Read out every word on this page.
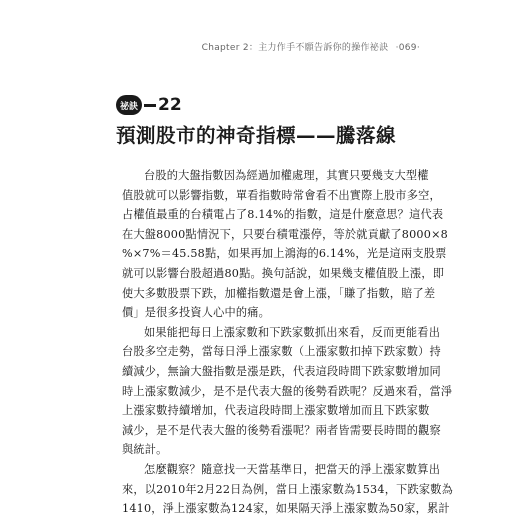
Chapter 2：主力作手不願告訴你的操作祕訣 ‧069‧
祕訣 22
預測股市的神奇指標——騰落線
台股的大盤指數因為經過加權處理，其實只要幾支大型權
值股就可以影響指數，單看指數時常會看不出實際上股市多空，
占權值最重的台積電占了8.14%的指數，這是什麼意思？這代表
在大盤8000點情況下，只要台積電漲停，等於就貢獻了8000×8
%×7%＝45.58點，如果再加上鴻海的6.14%，光是這兩支股票
就可以影響台股超過80點。換句話說，如果幾支權值股上漲，即
使大多數股票下跌，加權指數還是會上漲，「賺了指數，賠了差
價」是很多投資人心中的痛。
如果能把每日上漲家數和下跌家數抓出來看，反而更能看出
台股多空走勢，當每日淨上漲家數（上漲家數扣掉下跌家數）持
續減少，無論大盤指數是漲是跌，代表這段時間下跌家數增加同
時上漲家數減少，是不是代表大盤的後勢看跌呢？反過來看，當淨
上漲家數持續增加，代表這段時間上漲家數增加而且下跌家數
減少，是不是代表大盤的後勢看漲呢？兩者皆需要長時間的觀察
與統計。
怎麼觀察？隨意找一天當基準日，把當天的淨上漲家數算出
來，以2010年2月22日為例，當日上漲家數為1534，下跌家數為
1410，淨上漲家數為124家，如果隔天淨上漲家數為50家，累計
